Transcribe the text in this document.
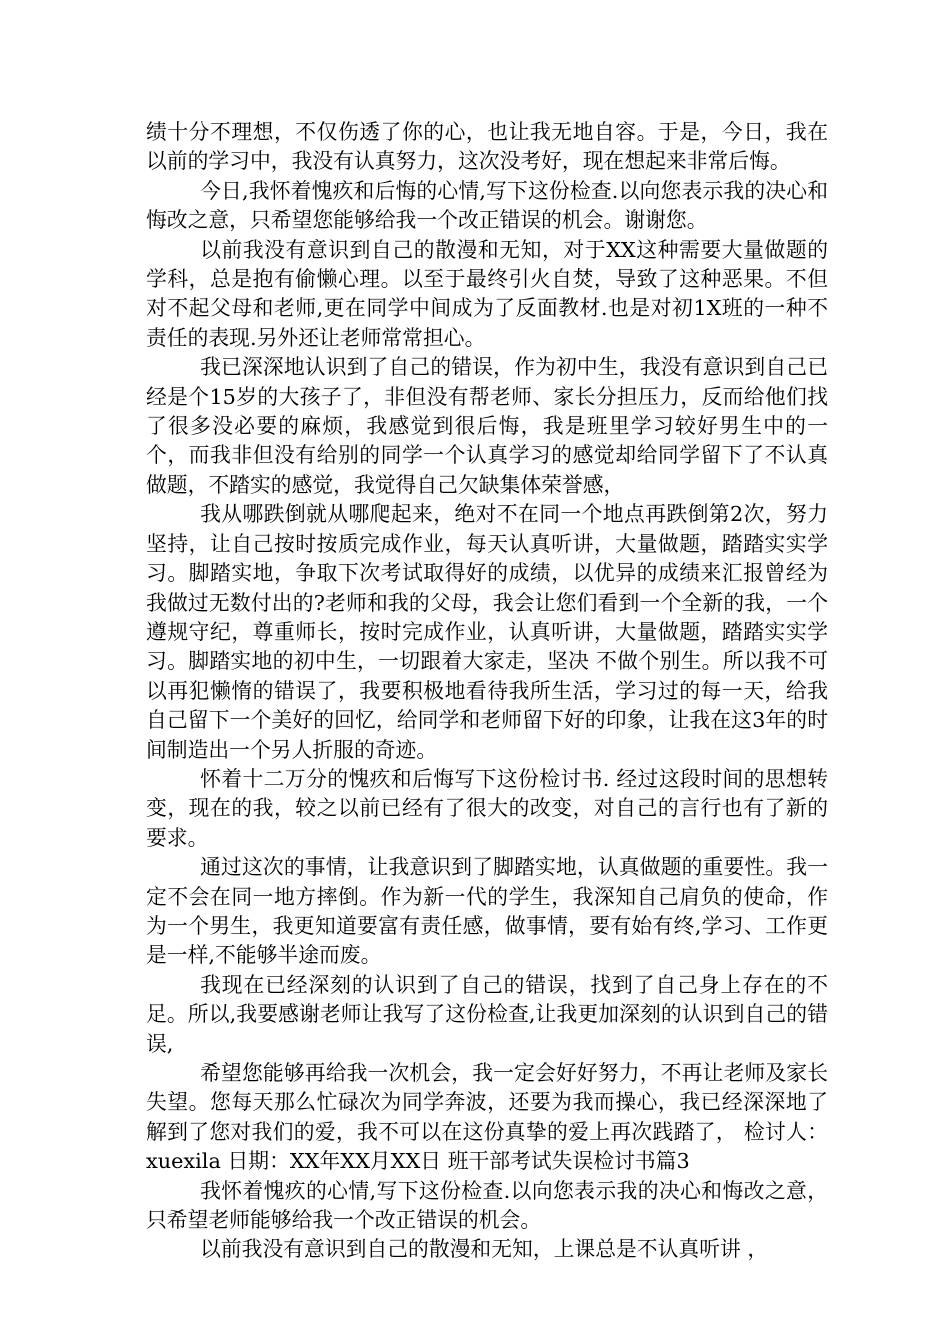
绩十分不理想，不仅伤透了你的心，也让我无地自容。于是，今日，我在以前的学习中，我没有认真努力，这次没考好，现在想起来非常后悔。

今日,我怀着愧疚和后悔的心情,写下这份检查.以向您表示我的决心和悔改之意，只希望您能够给我一个改正错误的机会。谢谢您。

以前我没有意识到自己的散漫和无知，对于XX这种需要大量做题的学科，总是抱有偷懒心理。以至于最终引火自焚，导致了这种恶果。不但对不起父母和老师,更在同学中间成为了反面教材.也是对初1X班的一种不责任的表现.另外还让老师常常担心。

我已深深地认识到了自己的错误，作为初中生，我没有意识到自己已经是个15岁的大孩子了，非但没有帮老师、家长分担压力，反而给他们找了很多没必要的麻烦，我感觉到很后悔，我是班里学习较好男生中的一个，而我非但没有给别的同学一个认真学习的感觉却给同学留下了不认真做题，不踏实的感觉，我觉得自己欠缺集体荣誉感，

我从哪跌倒就从哪爬起来，绝对不在同一个地点再跌倒第2次，努力坚持，让自己按时按质完成作业，每天认真听讲，大量做题，踏踏实实学习。脚踏实地，争取下次考试取得好的成绩，以优异的成绩来汇报曾经为我做过无数付出的?老师和我的父母，我会让您们看到一个全新的我，一个遵规守纪，尊重师长，按时完成作业，认真听讲，大量做题，踏踏实实学习。脚踏实地的初中生，一切跟着大家走，坚决 不做个别生。所以我不可以再犯懒惰的错误了，我要积极地看待我所生活，学习过的每一天，给我自己留下一个美好的回忆，给同学和老师留下好的印象，让我在这3年的时间制造出一个另人折服的奇迹。

怀着十二万分的愧疚和后悔写下这份检讨书. 经过这段时间的思想转变，现在的我，较之以前已经有了很大的改变，对自己的言行也有了新的要求。

通过这次的事情，让我意识到了脚踏实地，认真做题的重要性。我一定不会在同一地方摔倒。作为新一代的学生，我深知自己肩负的使命，作为一个男生，我更知道要富有责任感，做事情，要有始有终,学习、工作更是一样,不能够半途而废。

我现在已经深刻的认识到了自己的错误，找到了自己身上存在的不足。所以,我要感谢老师让我写了这份检查,让我更加深刻的认识到自己的错误,

希望您能够再给我一次机会，我一定会好好努力，不再让老师及家长失望。您每天那么忙碌次为同学奔波，还要为我而操心，我已经深深地了解到了您对我们的爱，我不可以在这份真挚的爱上再次践踏了， 检讨人：xuexila 日期：XX年XX月XX日 班干部考试失误检讨书篇3

我怀着愧疚的心情,写下这份检查.以向您表示我的决心和悔改之意，只希望老师能够给我一个改正错误的机会。

以前我没有意识到自己的散漫和无知，上课总是不认真听讲 ，
